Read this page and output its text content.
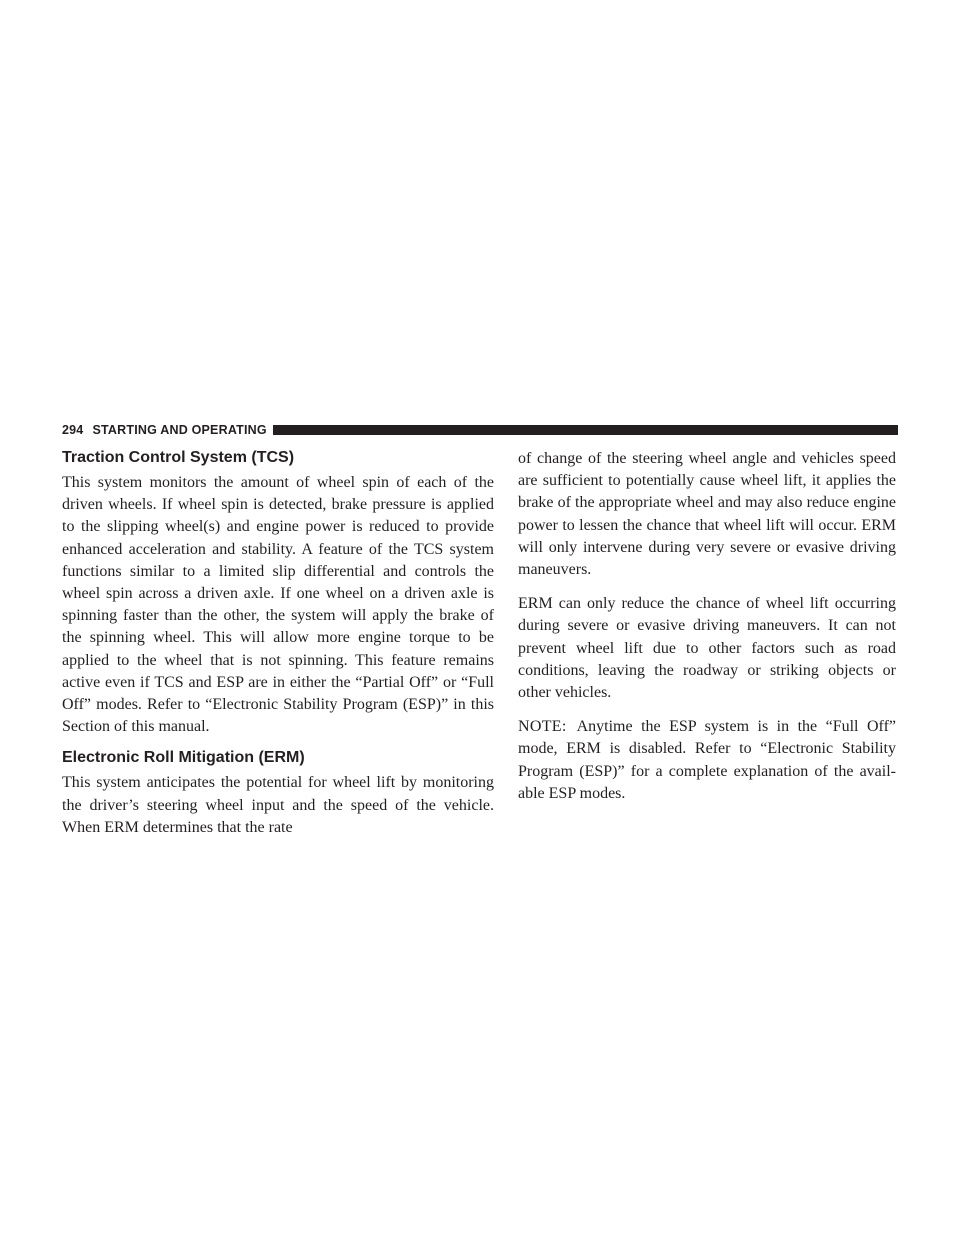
294 STARTING AND OPERATING
Traction Control System (TCS)

This system monitors the amount of wheel spin of each of the driven wheels. If wheel spin is detected, brake pressure is applied to the slipping wheel(s) and engine power is reduced to provide enhanced acceleration and stability. A feature of the TCS system functions similar to a limited slip differential and controls the wheel spin across a driven axle. If one wheel on a driven axle is spinning faster than the other, the system will apply the brake of the spinning wheel. This will allow more engine torque to be applied to the wheel that is not spinning. This feature remains active even if TCS and ESP are in either the “Partial Off” or “Full Off” modes. Refer to “Electronic Stability Program (ESP)” in this Section of this manual.

Electronic Roll Mitigation (ERM)

This system anticipates the potential for wheel lift by monitoring the driver’s steering wheel input and the speed of the vehicle. When ERM determines that the rate

of change of the steering wheel angle and vehicles speed are sufficient to potentially cause wheel lift, it applies the brake of the appropriate wheel and may also reduce engine power to lessen the chance that wheel lift will occur. ERM will only intervene during very severe or evasive driving maneuvers.

ERM can only reduce the chance of wheel lift occurring during severe or evasive driving maneuvers. It can not prevent wheel lift due to other factors such as road conditions, leaving the roadway or striking objects or other vehicles.

NOTE: Anytime the ESP system is in the “Full Off” mode, ERM is disabled. Refer to “Electronic Stability Program (ESP)” for a complete explanation of the avail-able ESP modes.
